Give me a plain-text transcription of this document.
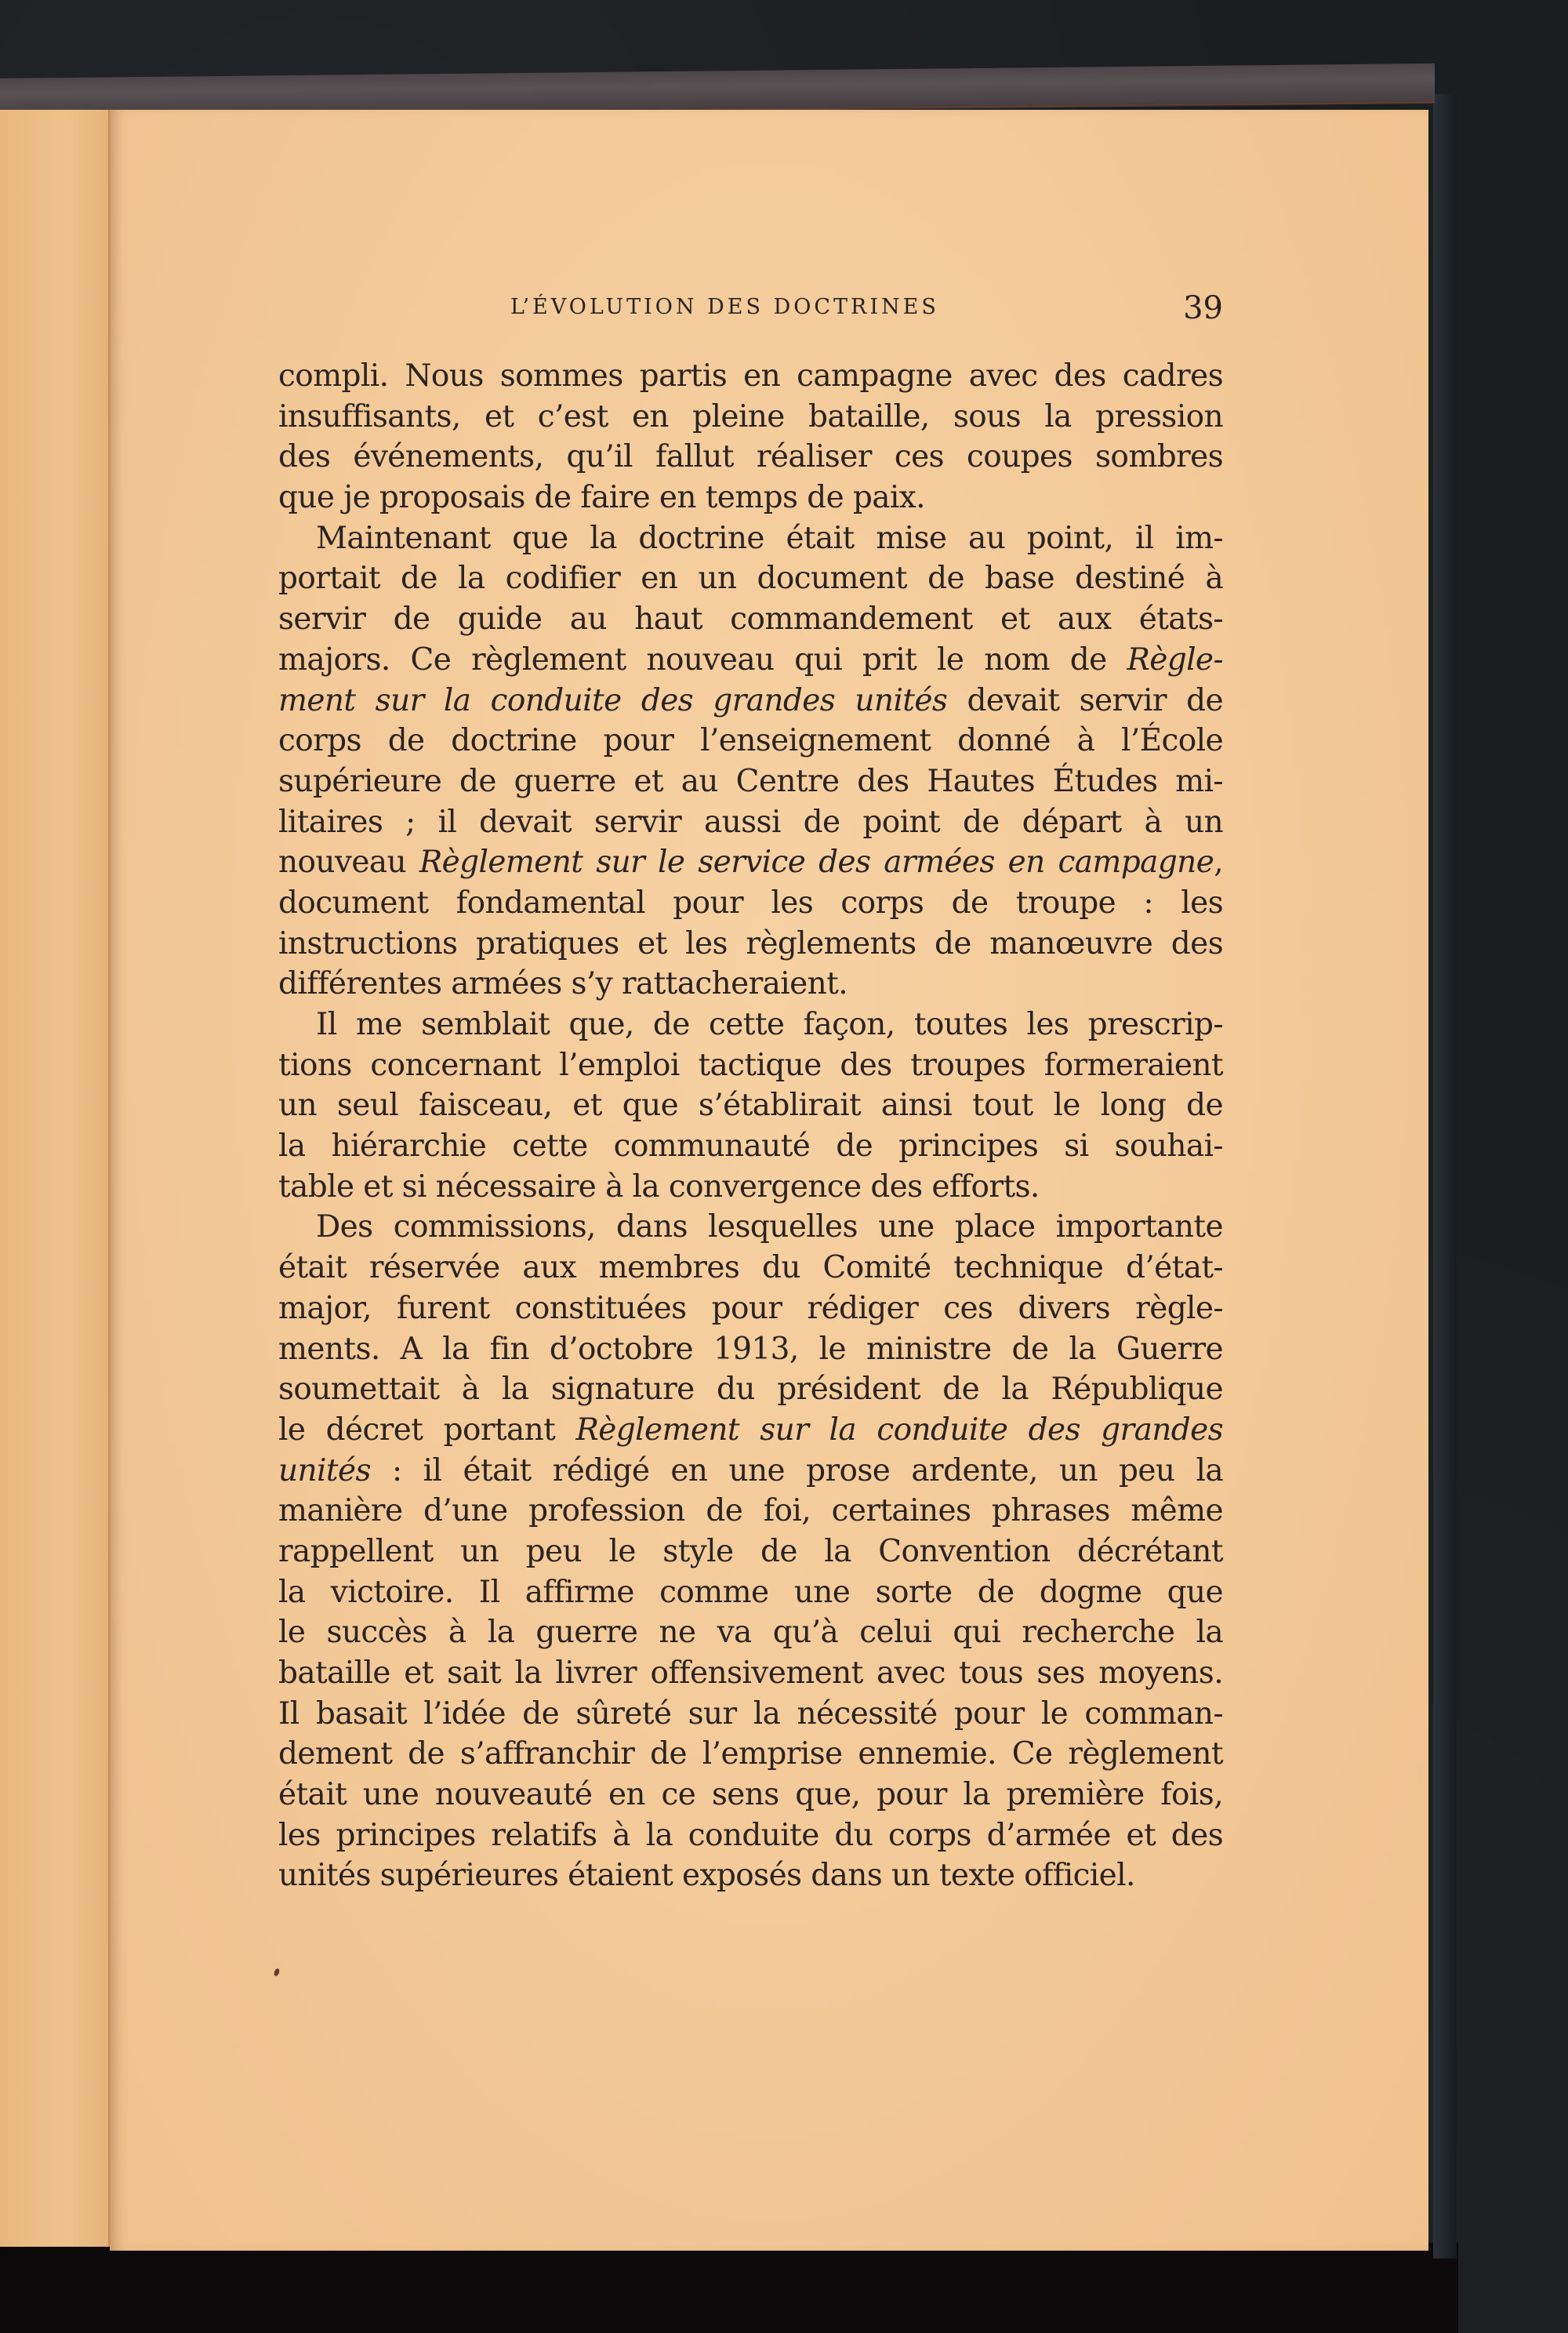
L’ÉVOLUTION DES DOCTRINES	39
compli. Nous sommes partis en campagne avec des cadres
insuffisants, et c’est en pleine bataille, sous la pression
des événements, qu’il fallut réaliser ces coupes sombres
que je proposais de faire en temps de paix.
Maintenant que la doctrine était mise au point, il im-
portait de la codifier en un document de base destiné à
servir de guide au haut commandement et aux états-
majors. Ce règlement nouveau qui prit le nom de Règle-
ment sur la conduite des grandes unités devait servir de
corps de doctrine pour l’enseignement donné à l’École
supérieure de guerre et au Centre des Hautes Études mi-
litaires ; il devait servir aussi de point de départ à un
nouveau Règlement sur le service des armées en campagne,
document fondamental pour les corps de troupe : les
instructions pratiques et les règlements de manœuvre des
différentes armées s’y rattacheraient.
Il me semblait que, de cette façon, toutes les prescrip-
tions concernant l’emploi tactique des troupes formeraient
un seul faisceau, et que s’établirait ainsi tout le long de
la hiérarchie cette communauté de principes si souhai-
table et si nécessaire à la convergence des efforts.
Des commissions, dans lesquelles une place importante
était réservée aux membres du Comité technique d’état-
major, furent constituées pour rédiger ces divers règle-
ments. A la fin d’octobre 1913, le ministre de la Guerre
soumettait à la signature du président de la République
le décret portant Règlement sur la conduite des grandes
unités : il était rédigé en une prose ardente, un peu la
manière d’une profession de foi, certaines phrases même
rappellent un peu le style de la Convention décrétant
la victoire. Il affirme comme une sorte de dogme que
le succès à la guerre ne va qu’à celui qui recherche la
bataille et sait la livrer offensivement avec tous ses moyens.
Il basait l’idée de sûreté sur la nécessité pour le comman-
dement de s’affranchir de l’emprise ennemie. Ce règlement
était une nouveauté en ce sens que, pour la première fois,
les principes relatifs à la conduite du corps d’armée et des
unités supérieures étaient exposés dans un texte officiel.
